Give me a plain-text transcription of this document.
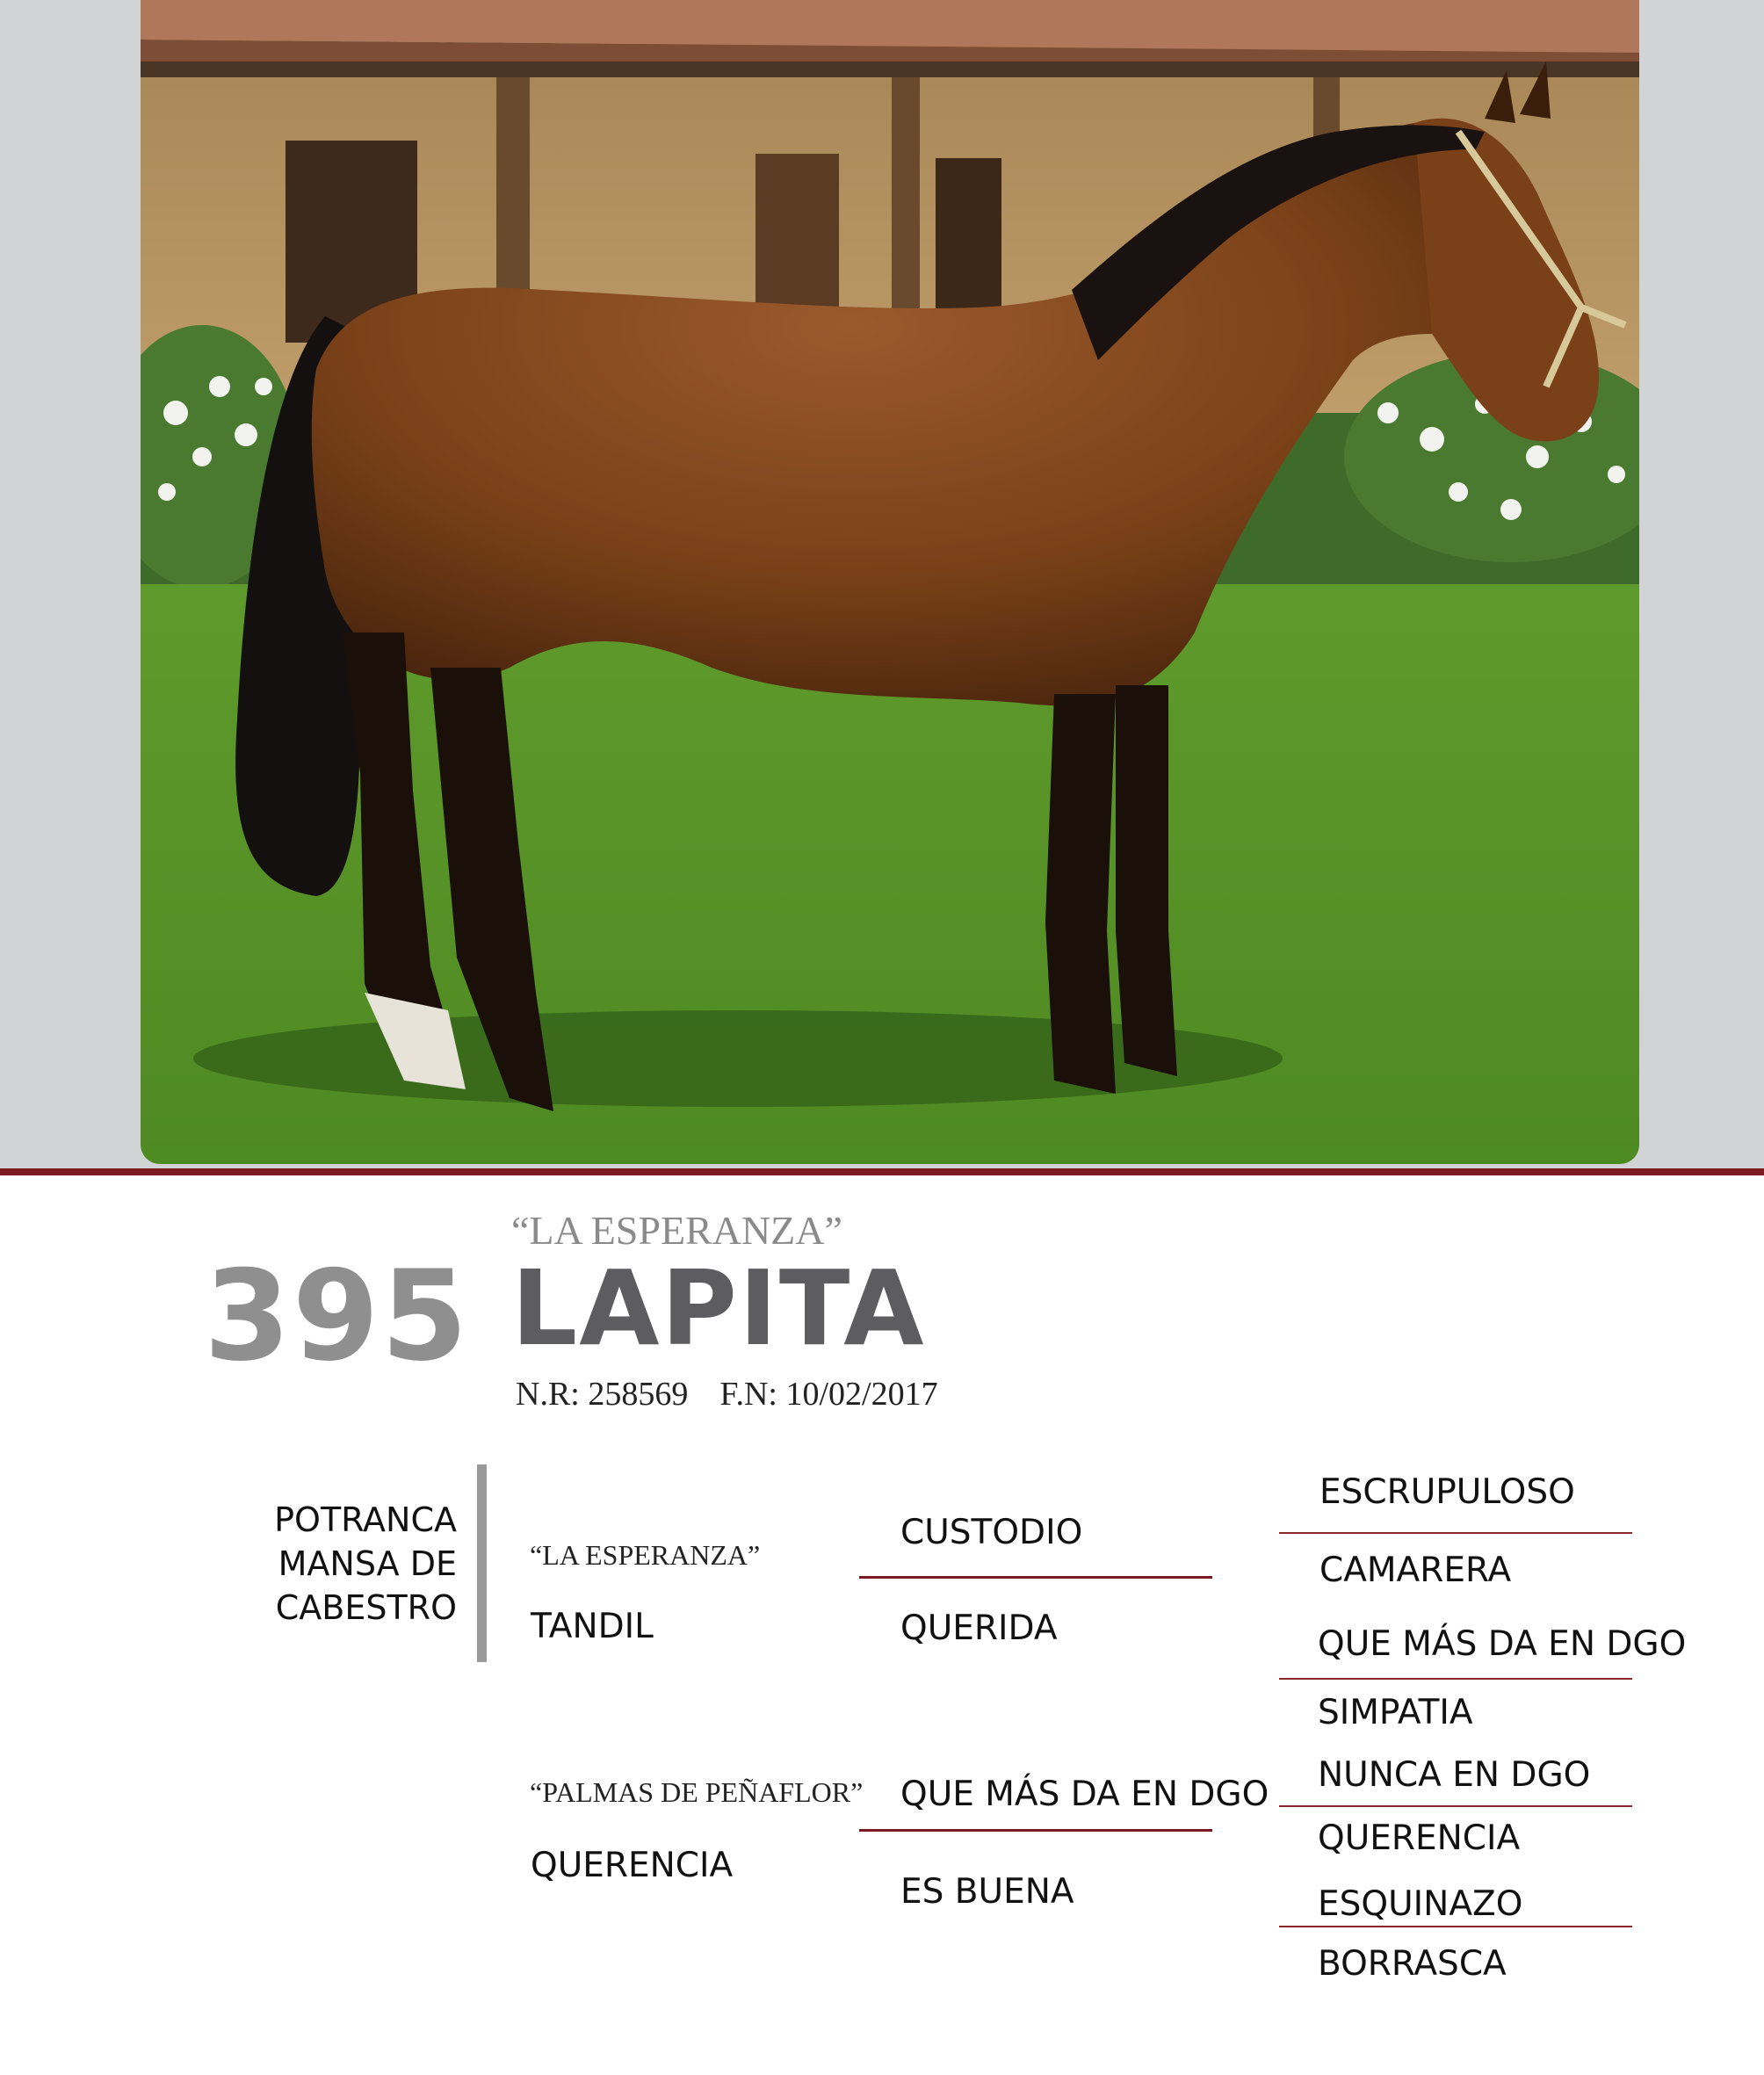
395
“LA ESPERANZA”
LAPITA
N.R: 258569 F.N: 10/02/2017
POTRANCA
MANSA DE
CABESTRO
“LA ESPERANZA”
TANDIL
“PALMAS DE PEÑAFLOR”
QUERENCIA
CUSTODIO
QUERIDA
QUE MÁS DA EN DGO
ES BUENA
ESCRUPULOSO
CAMARERA
QUE MÁS DA EN DGO
SIMPATIA
NUNCA EN DGO
QUERENCIA
ESQUINAZO
BORRASCA
